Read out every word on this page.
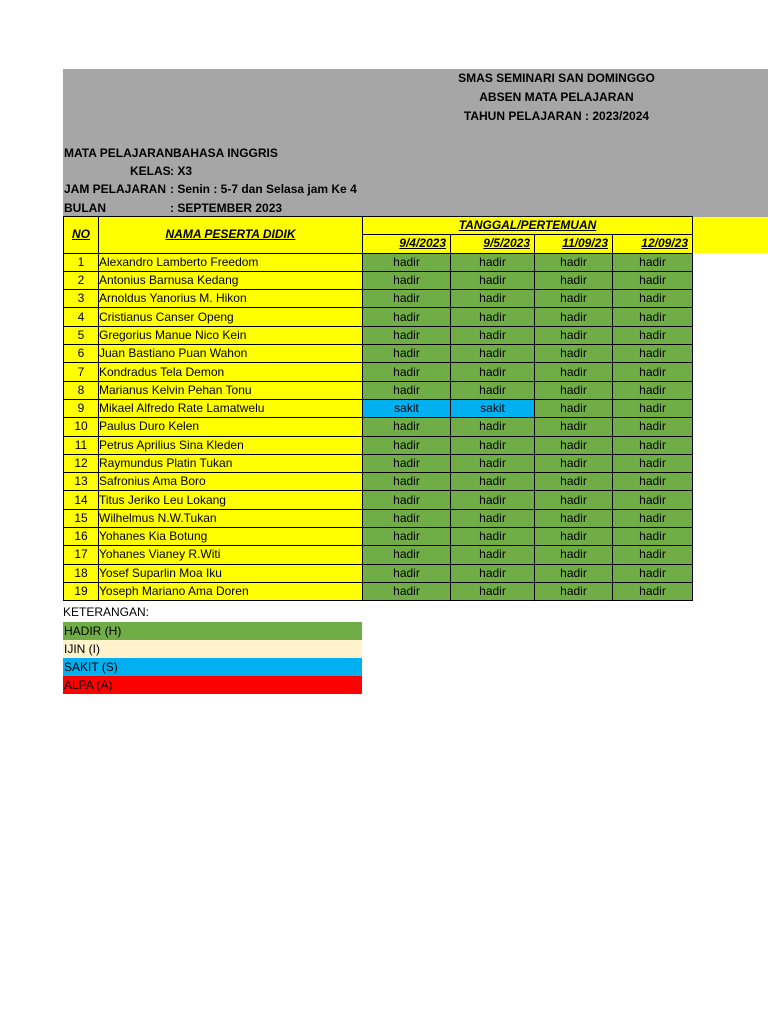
SMAS SEMINARI SAN DOMINGGO
ABSEN MATA PELAJARAN
TAHUN PELAJARAN : 2023/2024
MATA PELAJARAN :
BAHASA INGGRIS
KELAS : X3
JAM PELAJARAN : Senin : 5-7 dan Selasa jam Ke 4
BULAN	: SEPTEMBER 2023
NO	NAMA PESERTA DIDIK	TANGGAL/PERTEMUAN			
		9/4/2023	9/5/2023	11/09/23	12/09/23
1	Alexandro Lamberto Freedom	hadir	hadir	hadir	hadir
2	Antonius Barnusa Kedang	hadir	hadir	hadir	hadir
3	Arnoldus Yanorius M. Hikon	hadir	hadir	hadir	hadir
4	Cristianus Canser Openg	hadir	hadir	hadir	hadir
5	Gregorius Manue Nico Kein	hadir	hadir	hadir	hadir
6	Juan Bastiano Puan Wahon	hadir	hadir	hadir	hadir
7	Kondradus Tela Demon	hadir	hadir	hadir	hadir
8	Marianus Kelvin Pehan Tonu	hadir	hadir	hadir	hadir
9	Mikael Alfredo Rate Lamatwelu	sakit	sakit	hadir	hadir
10	Paulus Duro Kelen	hadir	hadir	hadir	hadir
11	Petrus Aprilius Sina Kleden	hadir	hadir	hadir	hadir
12	Raymundus Platin Tukan	hadir	hadir	hadir	hadir
13	Safronius Ama Boro	hadir	hadir	hadir	hadir
14	Titus Jeriko Leu Lokang	hadir	hadir	hadir	hadir
15	Wilhelmus N.W.Tukan	hadir	hadir	hadir	hadir
16	Yohanes Kia Botung	hadir	hadir	hadir	hadir
17	Yohanes Vianey R.Witi	hadir	hadir	hadir	hadir
18	Yosef Suparlin Moa Iku	hadir	hadir	hadir	hadir
19	Yoseph Mariano Ama Doren	hadir	hadir	hadir	hadir
KETERANGAN:
HADIR (H)
IJIN (I)
SAKIT (S)
ALPA (A)
